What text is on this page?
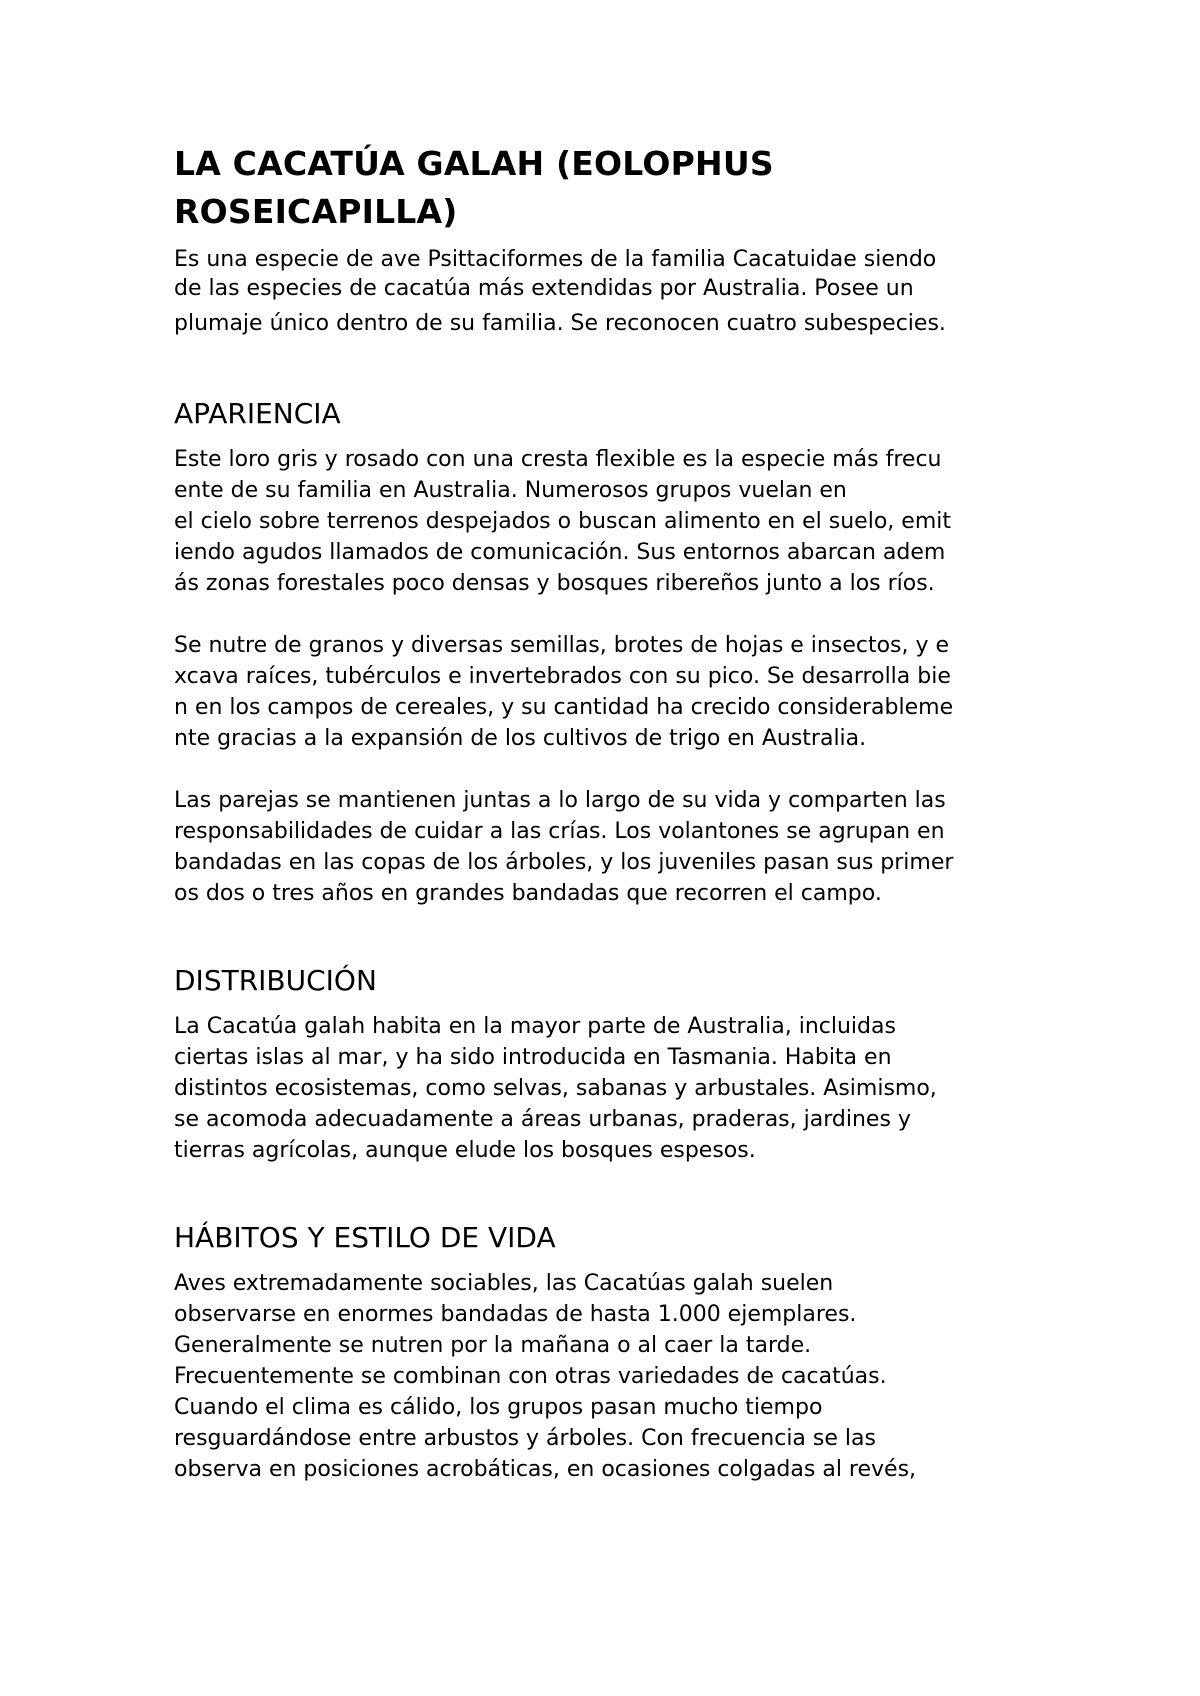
LA CACATÚA GALAH (EOLOPHUS
ROSEICAPILLA)

Es una especie de ave Psittaciformes de la familia Cacatuidae siendo
de las especies de cacatúa más extendidas por Australia. Posee un
plumaje único dentro de su familia. Se reconocen cuatro subespecies.

APARIENCIA

Este loro gris y rosado con una cresta flexible es la especie más frecu
ente de su familia en Australia. Numerosos grupos vuelan en
el cielo sobre terrenos despejados o buscan alimento en el suelo, emit
iendo agudos llamados de comunicación. Sus entornos abarcan adem
ás zonas forestales poco densas y bosques ribereños junto a los ríos.

Se nutre de granos y diversas semillas, brotes de hojas e insectos, y e
xcava raíces, tubérculos e invertebrados con su pico. Se desarrolla bie
n en los campos de cereales, y su cantidad ha crecido considerableme
nte gracias a la expansión de los cultivos de trigo en Australia.

Las parejas se mantienen juntas a lo largo de su vida y comparten las
responsabilidades de cuidar a las crías. Los volantones se agrupan en
bandadas en las copas de los árboles, y los juveniles pasan sus primer
os dos o tres años en grandes bandadas que recorren el campo.

DISTRIBUCIÓN

La Cacatúa galah habita en la mayor parte de Australia, incluidas
ciertas islas al mar, y ha sido introducida en Tasmania. Habita en
distintos ecosistemas, como selvas, sabanas y arbustales. Asimismo,
se acomoda adecuadamente a áreas urbanas, praderas, jardines y
tierras agrícolas, aunque elude los bosques espesos.

HÁBITOS Y ESTILO DE VIDA

Aves extremadamente sociables, las Cacatúas galah suelen
observarse en enormes bandadas de hasta 1.000 ejemplares.
Generalmente se nutren por la mañana o al caer la tarde.
Frecuentemente se combinan con otras variedades de cacatúas.
Cuando el clima es cálido, los grupos pasan mucho tiempo
resguardándose entre arbustos y árboles. Con frecuencia se las
observa en posiciones acrobáticas, en ocasiones colgadas al revés,
